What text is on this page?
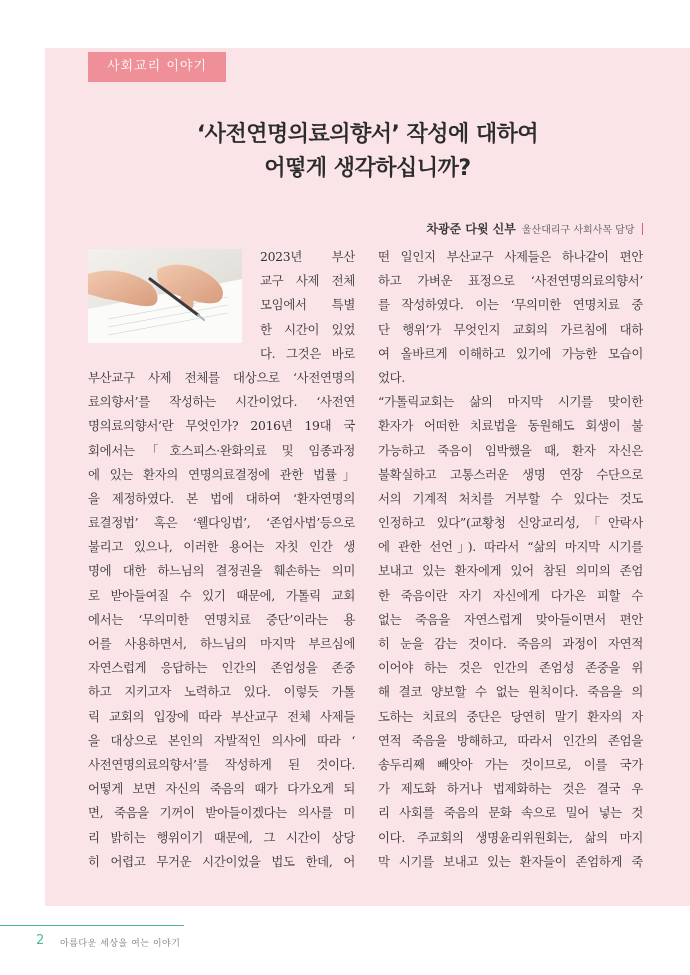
사회교리 이야기
‘사전연명의료의향서’ 작성에 대하여
어떻게 생각하십니까?
차광준 다윗 신부 울산대리구 사회사목 담당
2023년 부산
교구 사제 전체
모임에서 특별
한 시간이 있었
다. 그것은 바로
부산교구 사제 전체를 대상으로 ‘사전연명의
료의향서’를 작성하는 시간이었다. ‘사전연
명의료의향서’란 무엇인가? 2016년 19대 국
회에서는「호스피스·완화의료 및 임종과정
에 있는 환자의 연명의료결정에 관한 법률」
을 제정하였다. 본 법에 대하여 ‘환자연명의
료결정법’ 혹은 ‘웰다잉법’, ‘존엄사법’등으로
불리고 있으나, 이러한 용어는 자칫 인간 생
명에 대한 하느님의 결정권을 훼손하는 의미
로 받아들여질 수 있기 때문에, 가톨릭 교회
에서는 ‘무의미한 연명치료 중단’이라는 용
어를 사용하면서, 하느님의 마지막 부르심에
자연스럽게 응답하는 인간의 존엄성을 존중
하고 지키고자 노력하고 있다. 이렇듯 가톨
릭 교회의 입장에 따라 부산교구 전체 사제들
을 대상으로 본인의 자발적인 의사에 따라 ‘
사전연명의료의향서’를 작성하게 된 것이다.
어떻게 보면 자신의 죽음의 때가 다가오게 되
면, 죽음을 기꺼이 받아들이겠다는 의사를 미
리 밝히는 행위이기 때문에, 그 시간이 상당
히 어렵고 무거운 시간이었을 법도 한데, 어
떤 일인지 부산교구 사제들은 하나같이 편안
하고 가벼운 표정으로 ‘사전연명의료의향서’
를 작성하였다. 이는 ‘무의미한 연명치료 중
단 행위’가 무엇인지 교회의 가르침에 대하
여 올바르게 이해하고 있기에 가능한 모습이
었다.
“가톨릭교회는 삶의 마지막 시기를 맞이한
환자가 어떠한 치료법을 동원해도 회생이 불
가능하고 죽음이 임박했을 때, 환자 자신은
불확실하고 고통스러운 생명 연장 수단으로
서의 기계적 처치를 거부할 수 있다는 것도
인정하고 있다”(교황청 신앙교리성,「안락사
에 관한 선언」). 따라서 “삶의 마지막 시기를
보내고 있는 환자에게 있어 참된 의미의 존엄
한 죽음이란 자기 자신에게 다가온 피할 수
없는 죽음을 자연스럽게 맞아들이면서 편안
히 눈을 감는 것이다. 죽음의 과정이 자연적
이어야 하는 것은 인간의 존엄성 존중을 위
해 결코 양보할 수 없는 원칙이다. 죽음을 의
도하는 치료의 중단은 당연히 말기 환자의 자
연적 죽음을 방해하고, 따라서 인간의 존엄을
송두리째 빼앗아 가는 것이므로, 이를 국가
가 제도화 하거나 법제화하는 것은 결국 우
리 사회를 죽음의 문화 속으로 밀어 넣는 것
이다. 주교회의 생명윤리위원회는, 삶의 마지
막 시기를 보내고 있는 환자들이 존엄하게 죽
2 아름다운 세상을 여는 이야기
